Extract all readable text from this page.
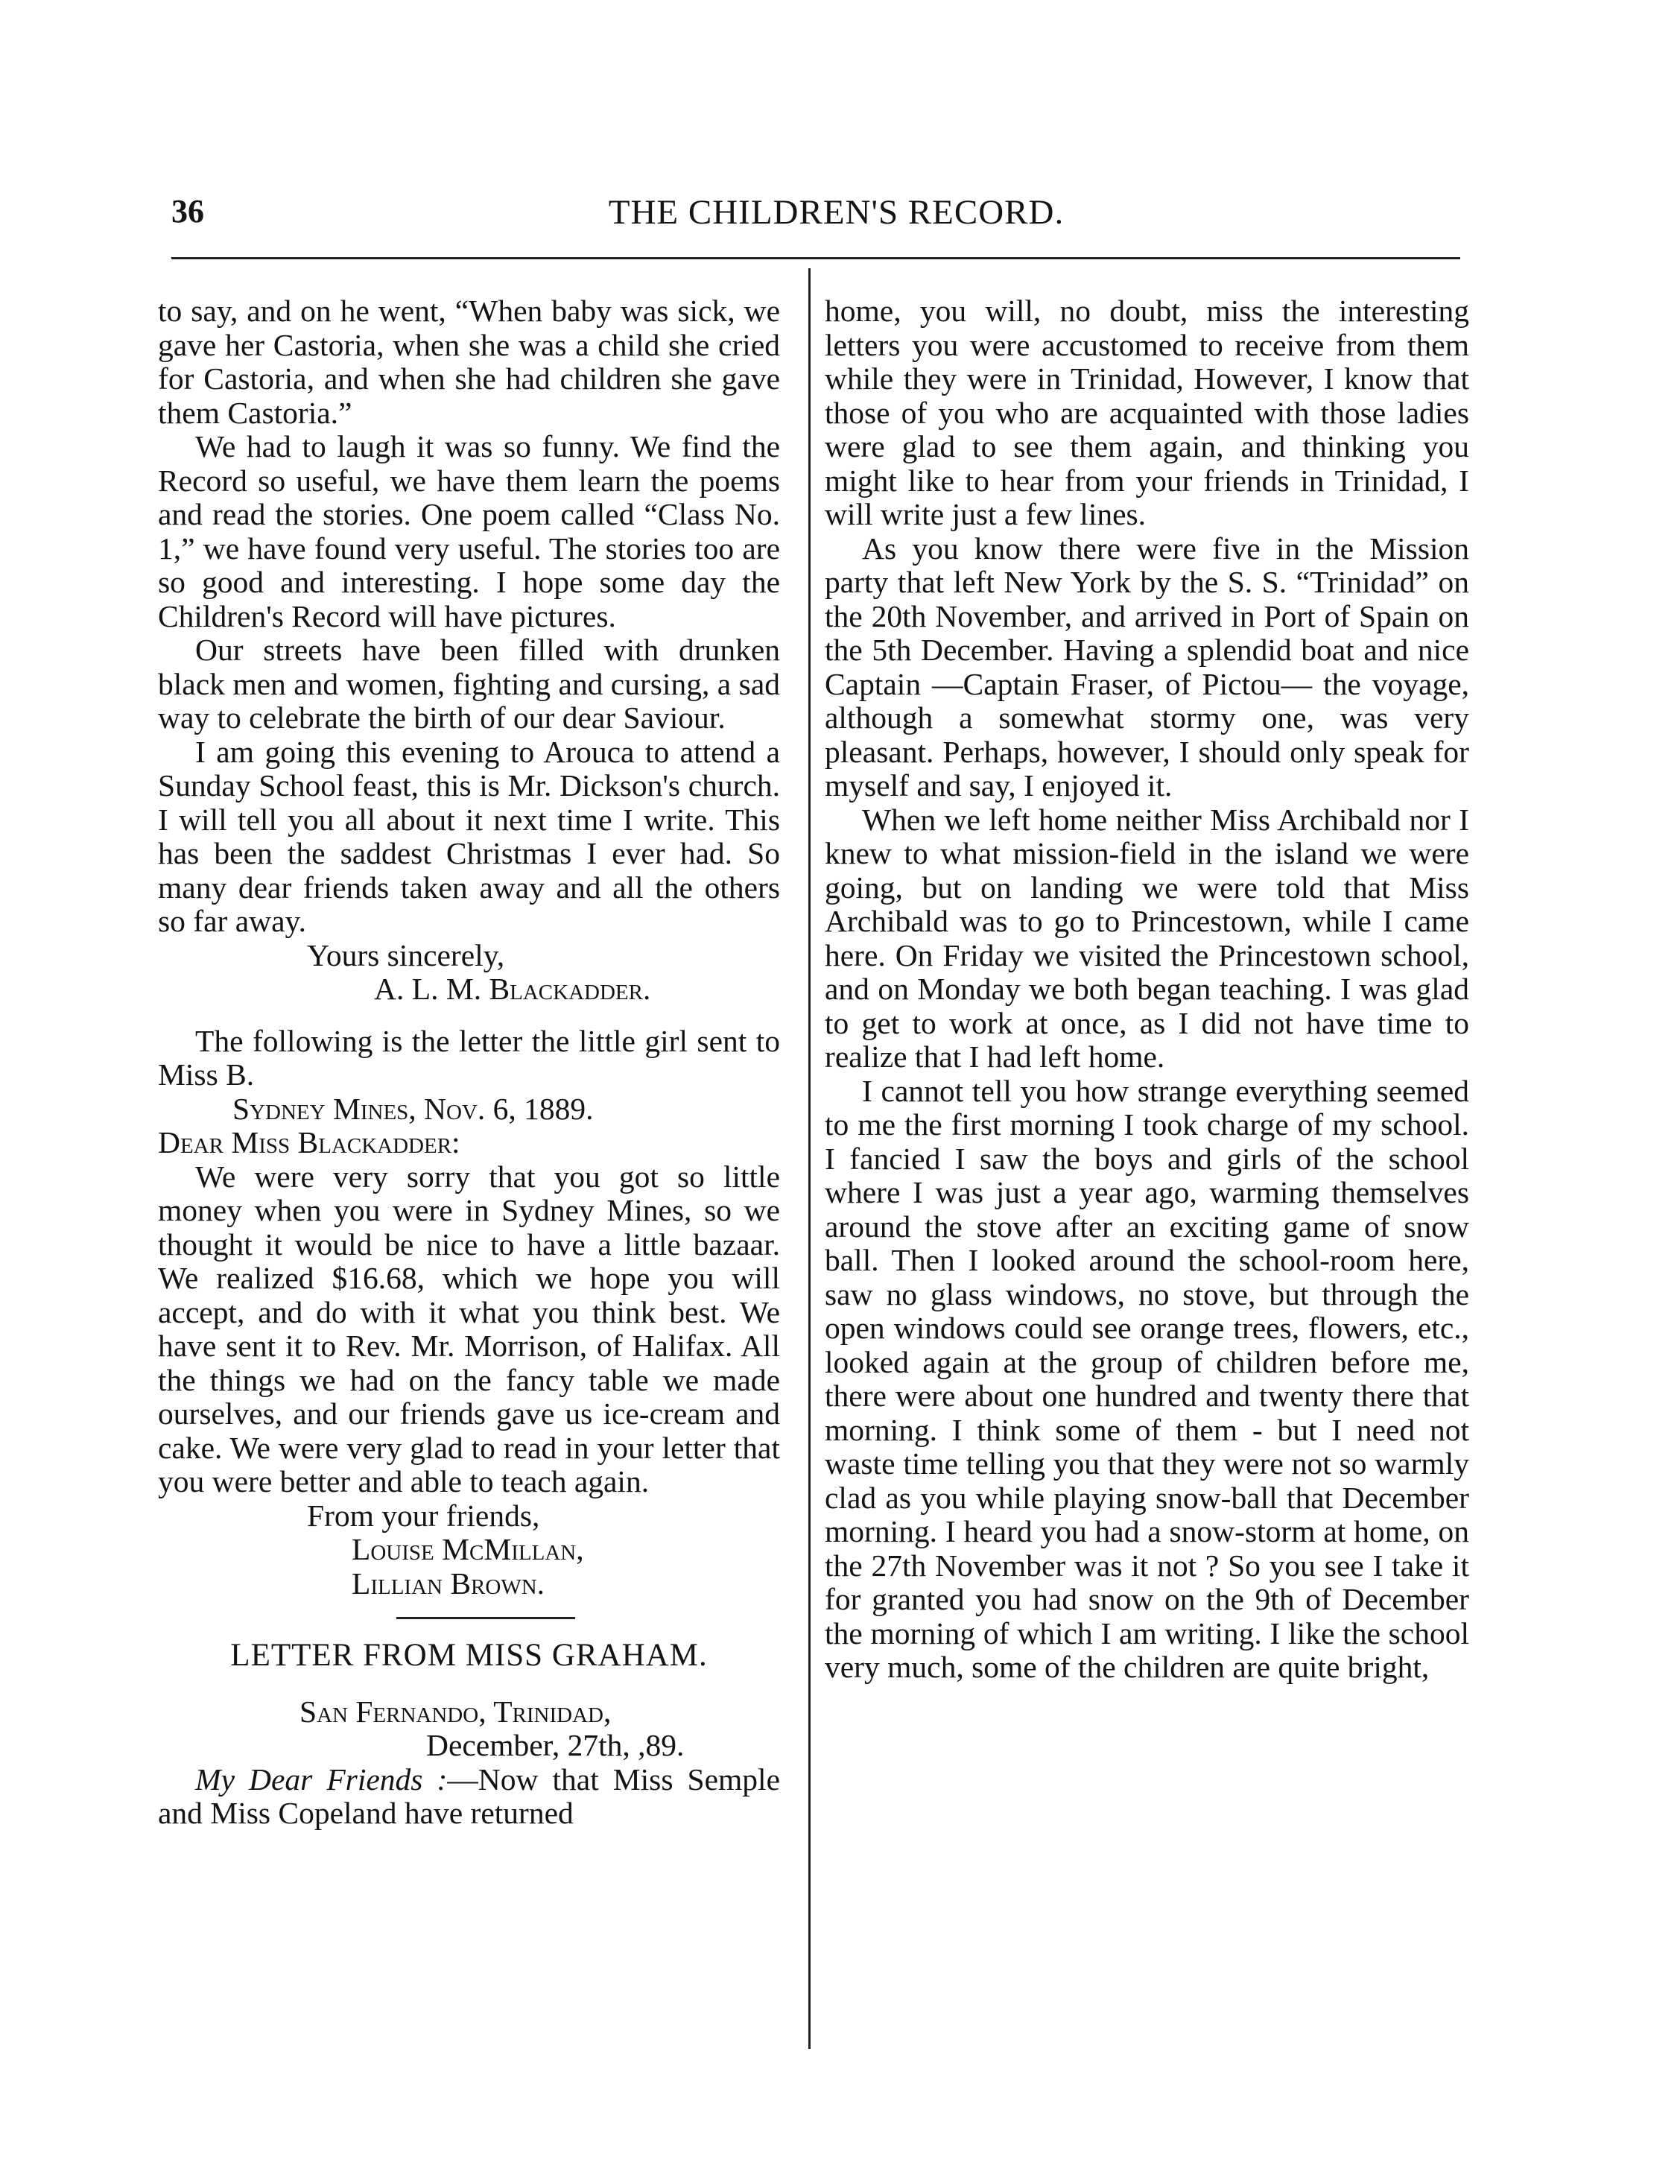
36	THE CHILDREN'S RECORD.

to say, and on he went, “When baby was sick, we gave her Castoria, when she was a child she cried for Castoria, and when she had children she gave them Castoria.”

We had to laugh it was so funny. We find the Record so useful, we have them learn the poems and read the stories. One poem called “Class No. 1,” we have found very useful. The stories too are so good and interesting. I hope some day the Children's Record will have pictures.

Our streets have been filled with drunken black men and women, fighting and cursing, a sad way to celebrate the birth of our dear Saviour.

I am going this evening to Arouca to attend a Sunday School feast, this is Mr. Dickson's church. I will tell you all about it next time I write. This has been the saddest Christmas I ever had. So many dear friends taken away and all the others so far away.

Yours sincerely,

A. L. M. Blackadder.

The following is the letter the little girl sent to Miss B.

Sydney Mines, Nov. 6, 1889.

Dear Miss Blackadder:

We were very sorry that you got so little money when you were in Sydney Mines, so we thought it would be nice to have a little bazaar. We realized $16.68, which we hope you will accept, and do with it what you think best. We have sent it to Rev. Mr. Morrison, of Halifax. All the things we had on the fancy table we made ourselves, and our friends gave us ice-cream and cake. We were very glad to read in your letter that you were better and able to teach again.

From your friends,

Louise McMillan,

Lillian Brown.

LETTER FROM MISS GRAHAM.

San Fernando, Trinidad,

December, 27th, ,89.

My Dear Friends :—Now that Miss Semple and Miss Copeland have returned

home, you will, no doubt, miss the interesting letters you were accustomed to receive from them while they were in Trinidad, However, I know that those of you who are acquainted with those ladies were glad to see them again, and thinking you might like to hear from your friends in Trinidad, I will write just a few lines.

As you know there were five in the Mission party that left New York by the S. S. “Trinidad” on the 20th November, and arrived in Port of Spain on the 5th December. Having a splendid boat and nice Captain —Captain Fraser, of Pictou— the voyage, although a somewhat stormy one, was very pleasant. Perhaps, however, I should only speak for myself and say, I enjoyed it.

When we left home neither Miss Archibald nor I knew to what mission-field in the island we were going, but on landing we were told that Miss Archibald was to go to Princestown, while I came here. On Friday we visited the Princestown school, and on Monday we both began teaching. I was glad to get to work at once, as I did not have time to realize that I had left home.

I cannot tell you how strange everything seemed to me the first morning I took charge of my school. I fancied I saw the boys and girls of the school where I was just a year ago, warming themselves around the stove after an exciting game of snow ball. Then I looked around the school-room here, saw no glass windows, no stove, but through the open windows could see orange trees, flowers, etc., looked again at the group of children before me, there were about one hundred and twenty there that morning. I think some of them - but I need not waste time telling you that they were not so warmly clad as you while playing snow-ball that December morning. I heard you had a snow-storm at home, on the 27th November was it not ? So you see I take it for granted you had snow on the 9th of December the morning of which I am writing. I like the school very much, some of the children are quite bright,
